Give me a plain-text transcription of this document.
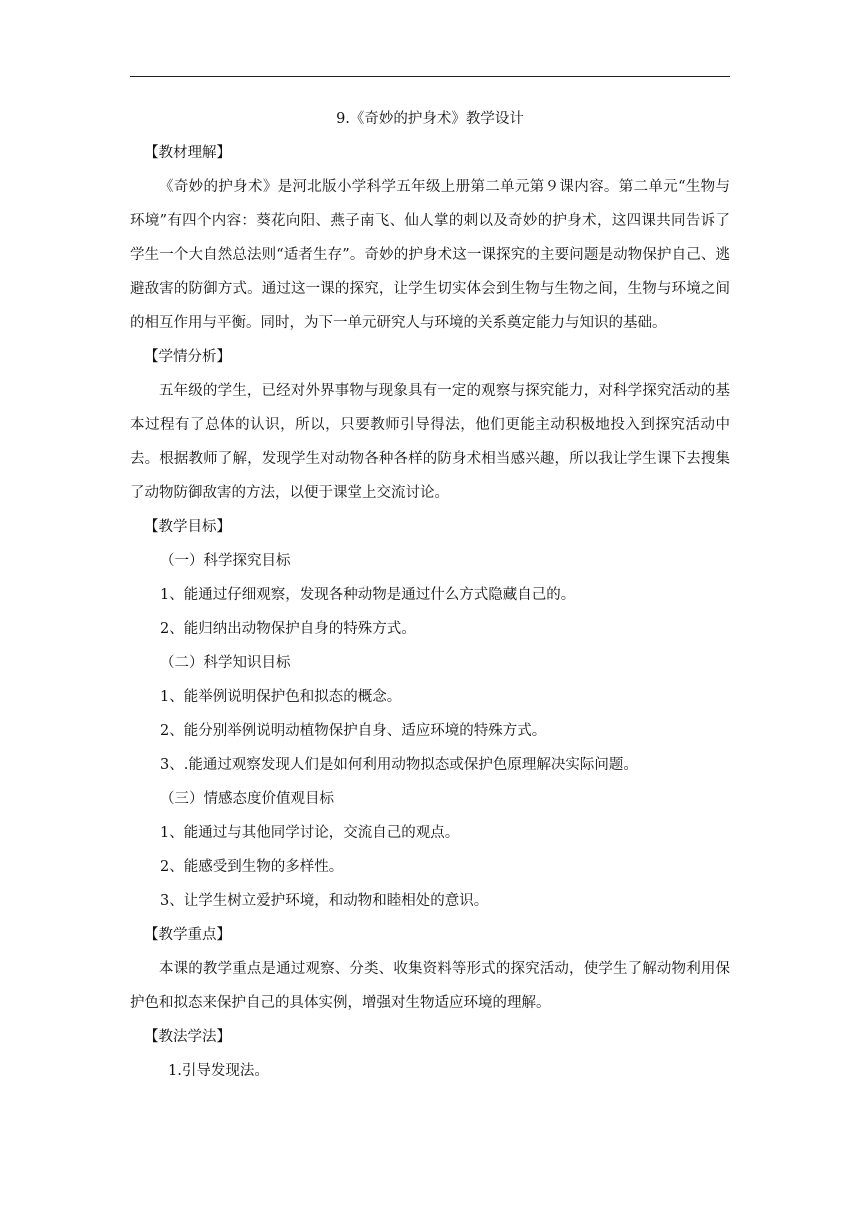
9.《奇妙的护身术》教学设计

【教材理解】

《奇妙的护身术》是河北版小学科学五年级上册第二单元第９课内容。第二单元“生物与环境”有四个内容：葵花向阳、燕子南飞、仙人掌的刺以及奇妙的护身术，这四课共同告诉了学生一个大自然总法则“适者生存”。奇妙的护身术这一课探究的主要问题是动物保护自己、逃避敌害的防御方式。通过这一课的探究，让学生切实体会到生物与生物之间，生物与环境之间的相互作用与平衡。同时，为下一单元研究人与环境的关系奠定能力与知识的基础。

【学情分析】

五年级的学生，已经对外界事物与现象具有一定的观察与探究能力，对科学探究活动的基本过程有了总体的认识，所以，只要教师引导得法，他们更能主动积极地投入到探究活动中去。根据教师了解，发现学生对动物各种各样的防身术相当感兴趣，所以我让学生课下去搜集了动物防御敌害的方法，以便于课堂上交流讨论。

【教学目标】

（一）科学探究目标

1、能通过仔细观察，发现各种动物是通过什么方式隐藏自己的。

2、能归纳出动物保护自身的特殊方式。

（二）科学知识目标

1、能举例说明保护色和拟态的概念。

2、能分别举例说明动植物保护自身、适应环境的特殊方式。

3、.能通过观察发现人们是如何利用动物拟态或保护色原理解决实际问题。

（三）情感态度价值观目标

1、能通过与其他同学讨论，交流自己的观点。

2、能感受到生物的多样性。

3、让学生树立爱护环境，和动物和睦相处的意识。

【教学重点】

本课的教学重点是通过观察、分类、收集资料等形式的探究活动，使学生了解动物利用保护色和拟态来保护自己的具体实例，增强对生物适应环境的理解。

【教法学法】

1.引导发现法。
